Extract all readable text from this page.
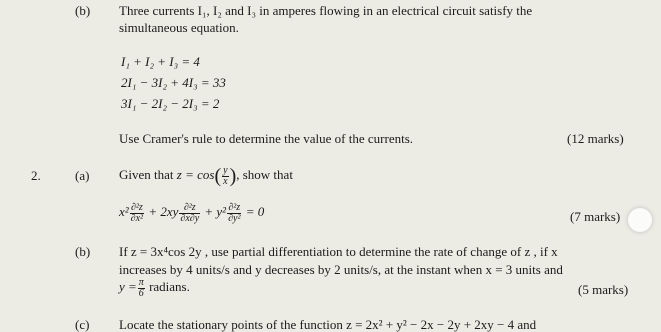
(b) Three currents I₁, I₂ and I₃ in amperes flowing in an electrical circuit satisfy the
simultaneous equation.
I₁ + I₂ + I₃ = 4
2I₁ − 3I₂ + 4I₃ = 33
3I₁ − 2I₂ − 2I₃ = 2
Use Cramer's rule to determine the value of the currents.	(12 marks)
2.	(a) Given that $z = \cos( \frac{y}{x}$ ), show that
$x^2 \frac{\text{∂²z}}{\text{∂x²}} + 2xy \frac{\text{∂²z}}{\partial x\partial y} + y^2 \frac{\text{∂²z}}{\text{∂y²}} = 0$	(7 marks)
(b) If z = 3x⁴cos 2y , use partial differentiation to determine the rate of change of z , if x
increases by 4 units/s and y decreases by 2 units/s, at the instant when x = 3 units and
$y = \frac{\pi}{6}$ radians.	(5 marks)
(c) Locate the stationary points of the function z = 2x² + y² − 2x − 2y + 2xy − 4 and
